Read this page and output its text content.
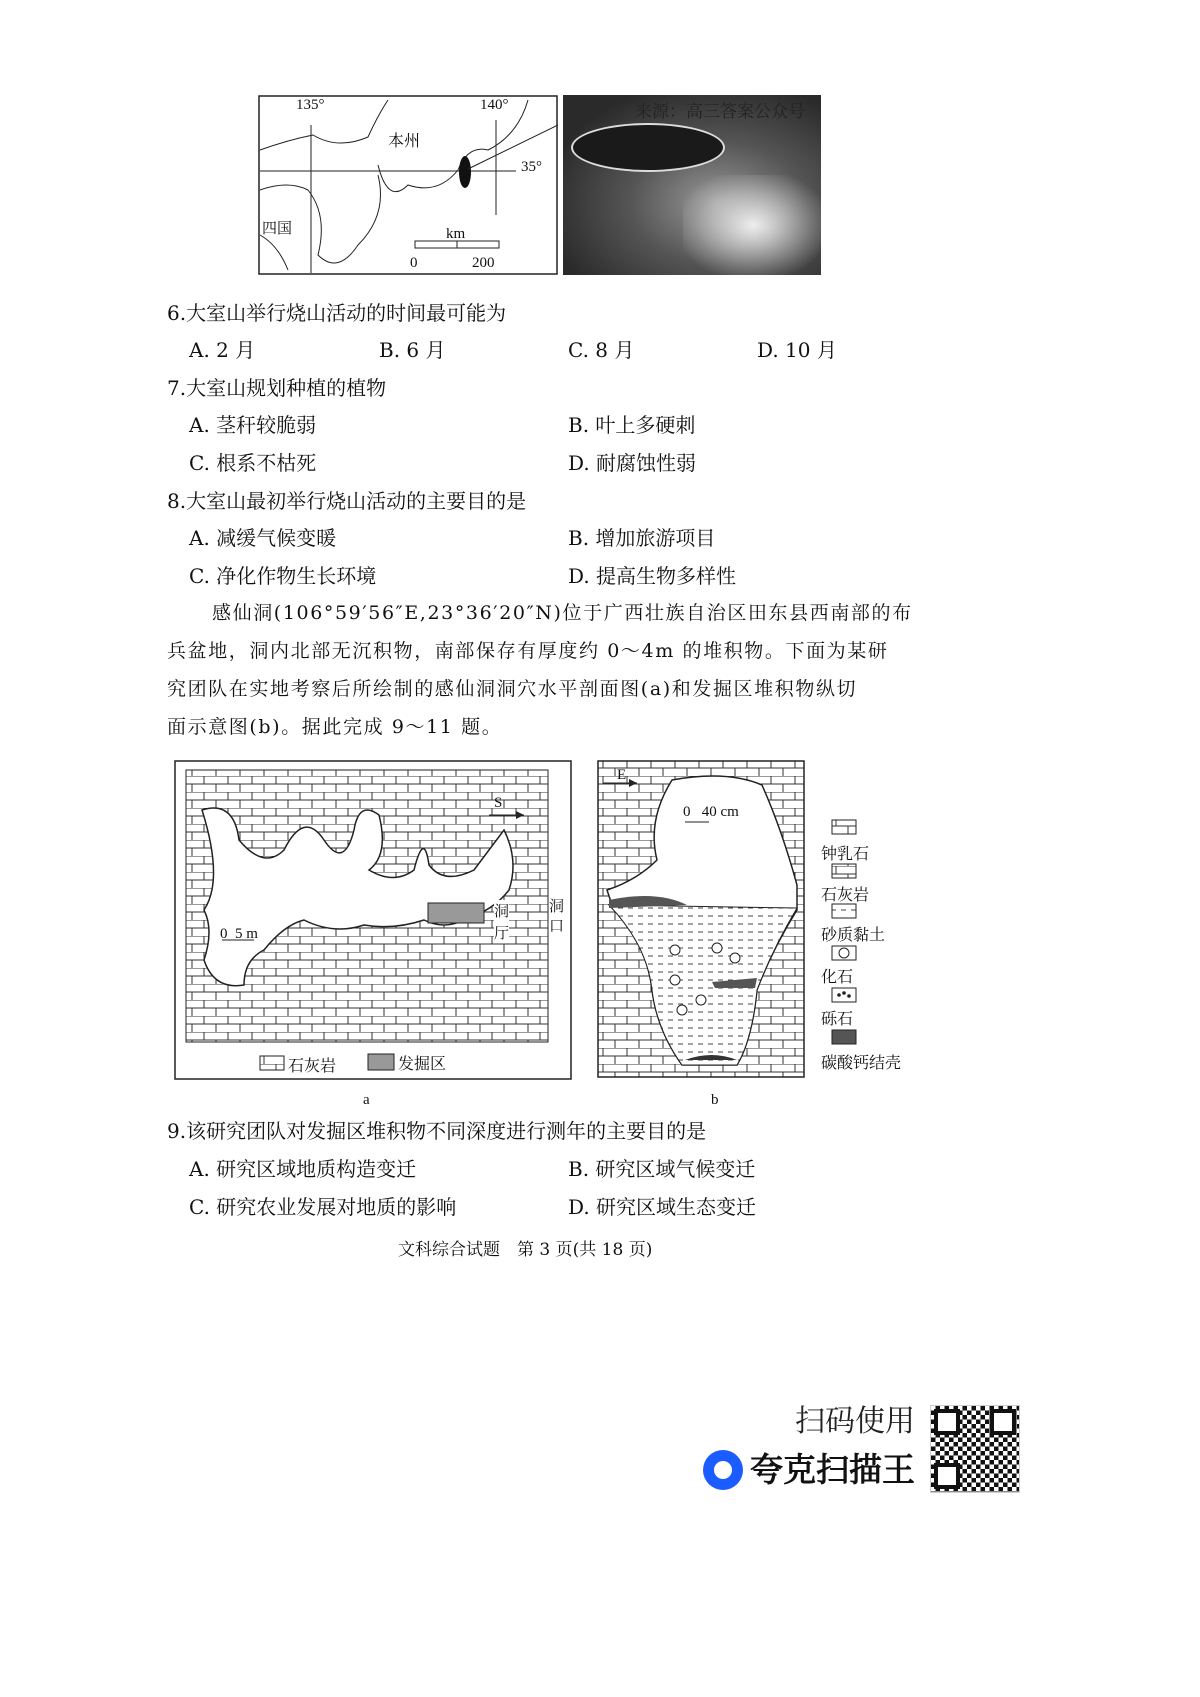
135°	140°
35°
本州
四国	km
0	200
来源：高三答案公众号
6.大室山举行烧山活动的时间最可能为
A. 2 月	B. 6 月	C. 8 月	D. 10 月
7.大室山规划种植的植物
A. 茎秆较脆弱	B. 叶上多硬刺
C. 根系不枯死	D. 耐腐蚀性弱
8.大室山最初举行烧山活动的主要目的是
A. 减缓气候变暖	B. 增加旅游项目
C. 净化作物生长环境	D. 提高生物多样性
感仙洞(106°59′56″E,23°36′20″N)位于广西壮族自治区田东县西南部的布
兵盆地，洞内北部无沉积物，南部保存有厚度约 0～4m 的堆积物。下面为某研
究团队在实地考察后所绘制的感仙洞洞穴水平剖面图(a)和发掘区堆积物纵切
面示意图(b)。据此完成 9～11 题。
S
0  5 m
洞
厅
洞
口
石灰岩	发掘区
a
E
0   40 cm
b
钟乳石
石灰岩
砂质黏土
化石
砾石
碳酸钙结壳
9.该研究团队对发掘区堆积物不同深度进行测年的主要目的是
A. 研究区域地质构造变迁	B. 研究区域气候变迁
C. 研究农业发展对地质的影响	D. 研究区域生态变迁
文科综合试题　第 3 页(共 18 页)
扫码使用
夸克扫描王
